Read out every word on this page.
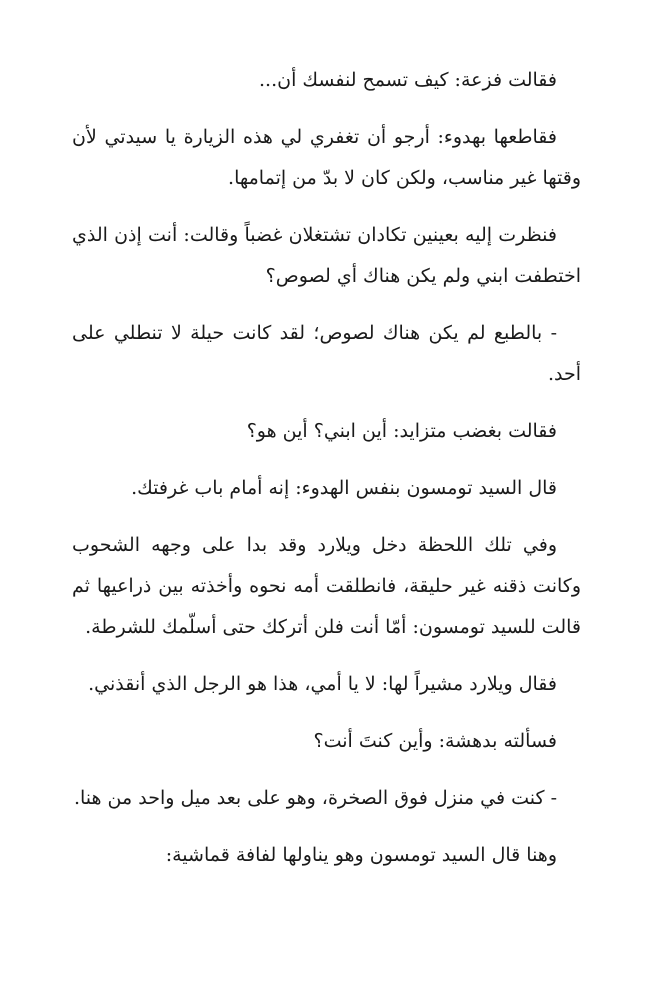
فقالت فزعة: كيف تسمح لنفسك أن...

فقاطعها بهدوء: أرجو أن تغفري لي هذه الزيارة يا سيدتي لأن وقتها غير مناسب، ولكن كان لا بدّ من إتمامها.

فنظرت إليه بعينين تكادان تشتغلان غضباً وقالت: أنت إذن الذي اختطفت ابني ولم يكن هناك أي لصوص؟

- بالطبع لم يكن هناك لصوص؛ لقد كانت حيلة لا تنطلي على أحد.

فقالت بغضب متزايد: أين ابني؟ أين هو؟

قال السيد تومسون بنفس الهدوء: إنه أمام باب غرفتك.

وفي تلك اللحظة دخل ويلارد وقد بدا على وجهه الشحوب وكانت ذقنه غير حليقة، فانطلقت أمه نحوه وأخذته بين ذراعيها ثم قالت للسيد تومسون: أمّا أنت فلن أتركك حتى أسلّمك للشرطة.

فقال ويلارد مشيراً لها: لا يا أمي، هذا هو الرجل الذي أنقذني.

فسألته بدهشة: وأين كنتَ أنت؟

- كنت في منزل فوق الصخرة، وهو على بعد ميل واحد من هنا.

وهنا قال السيد تومسون وهو يناولها لفافة قماشية:
